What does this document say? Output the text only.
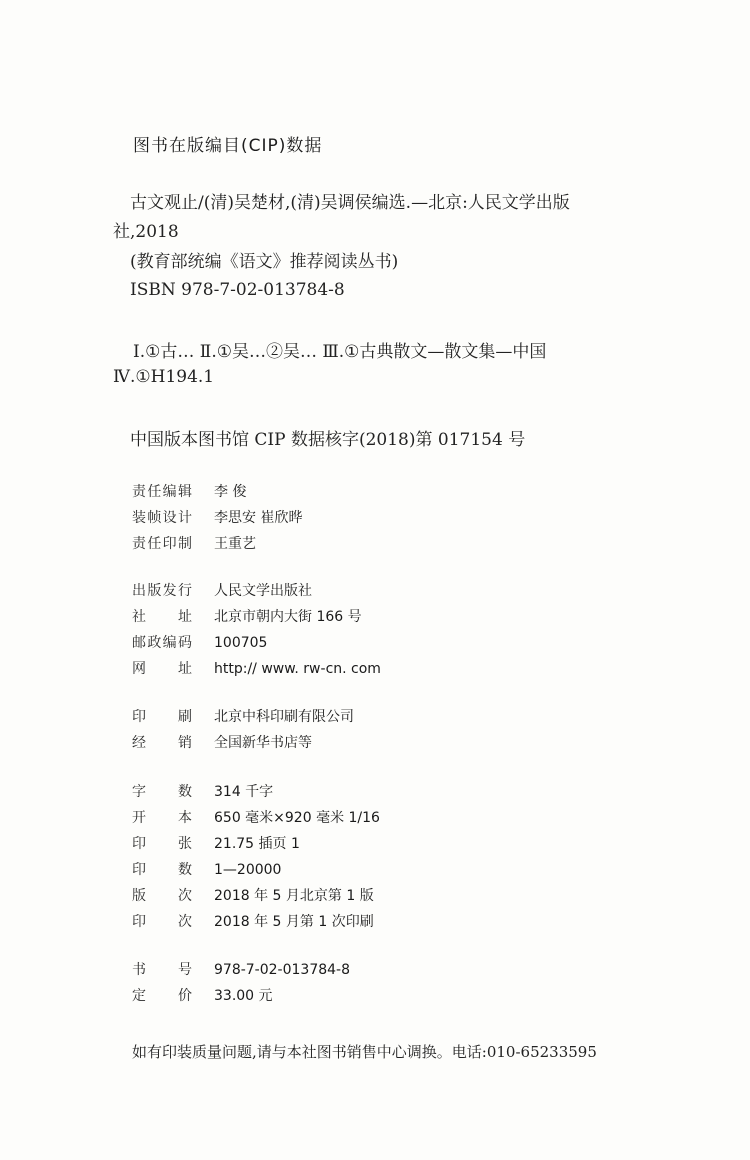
图书在版编目(CIP)数据
古文观止/(清)吴楚材,(清)吴调侯编选.—北京:人民文学出版
社,2018
(教育部统编《语文》推荐阅读丛书)
ISBN 978-7-02-013784-8
Ⅰ.①古… Ⅱ.①吴…②吴… Ⅲ.①古典散文—散文集—中国
Ⅳ.①H194.1
中国版本图书馆 CIP 数据核字(2018)第 017154 号
责 任 编 辑 李 俊
装 帧 设 计 李思安 崔欣晔
责 任 印 制 王重艺
出 版 发 行 人民文学出版社
社 址 北京市朝内大街 166 号
邮 政 编 码 100705
网 址 http:// www. rw-cn. com
印 刷 北京中科印刷有限公司
经 销 全国新华书店等
字 数 314 千字
开 本 650 毫米×920 毫米 1/16
印 张 21.75 插页 1
印 数 1—20000
版 次 2018 年 5 月北京第 1 版
印 次 2018 年 5 月第 1 次印刷
书 号 978-7-02-013784-8
定 价 33.00 元
如有印装质量问题,请与本社图书销售中心调换。电话:010-65233595
